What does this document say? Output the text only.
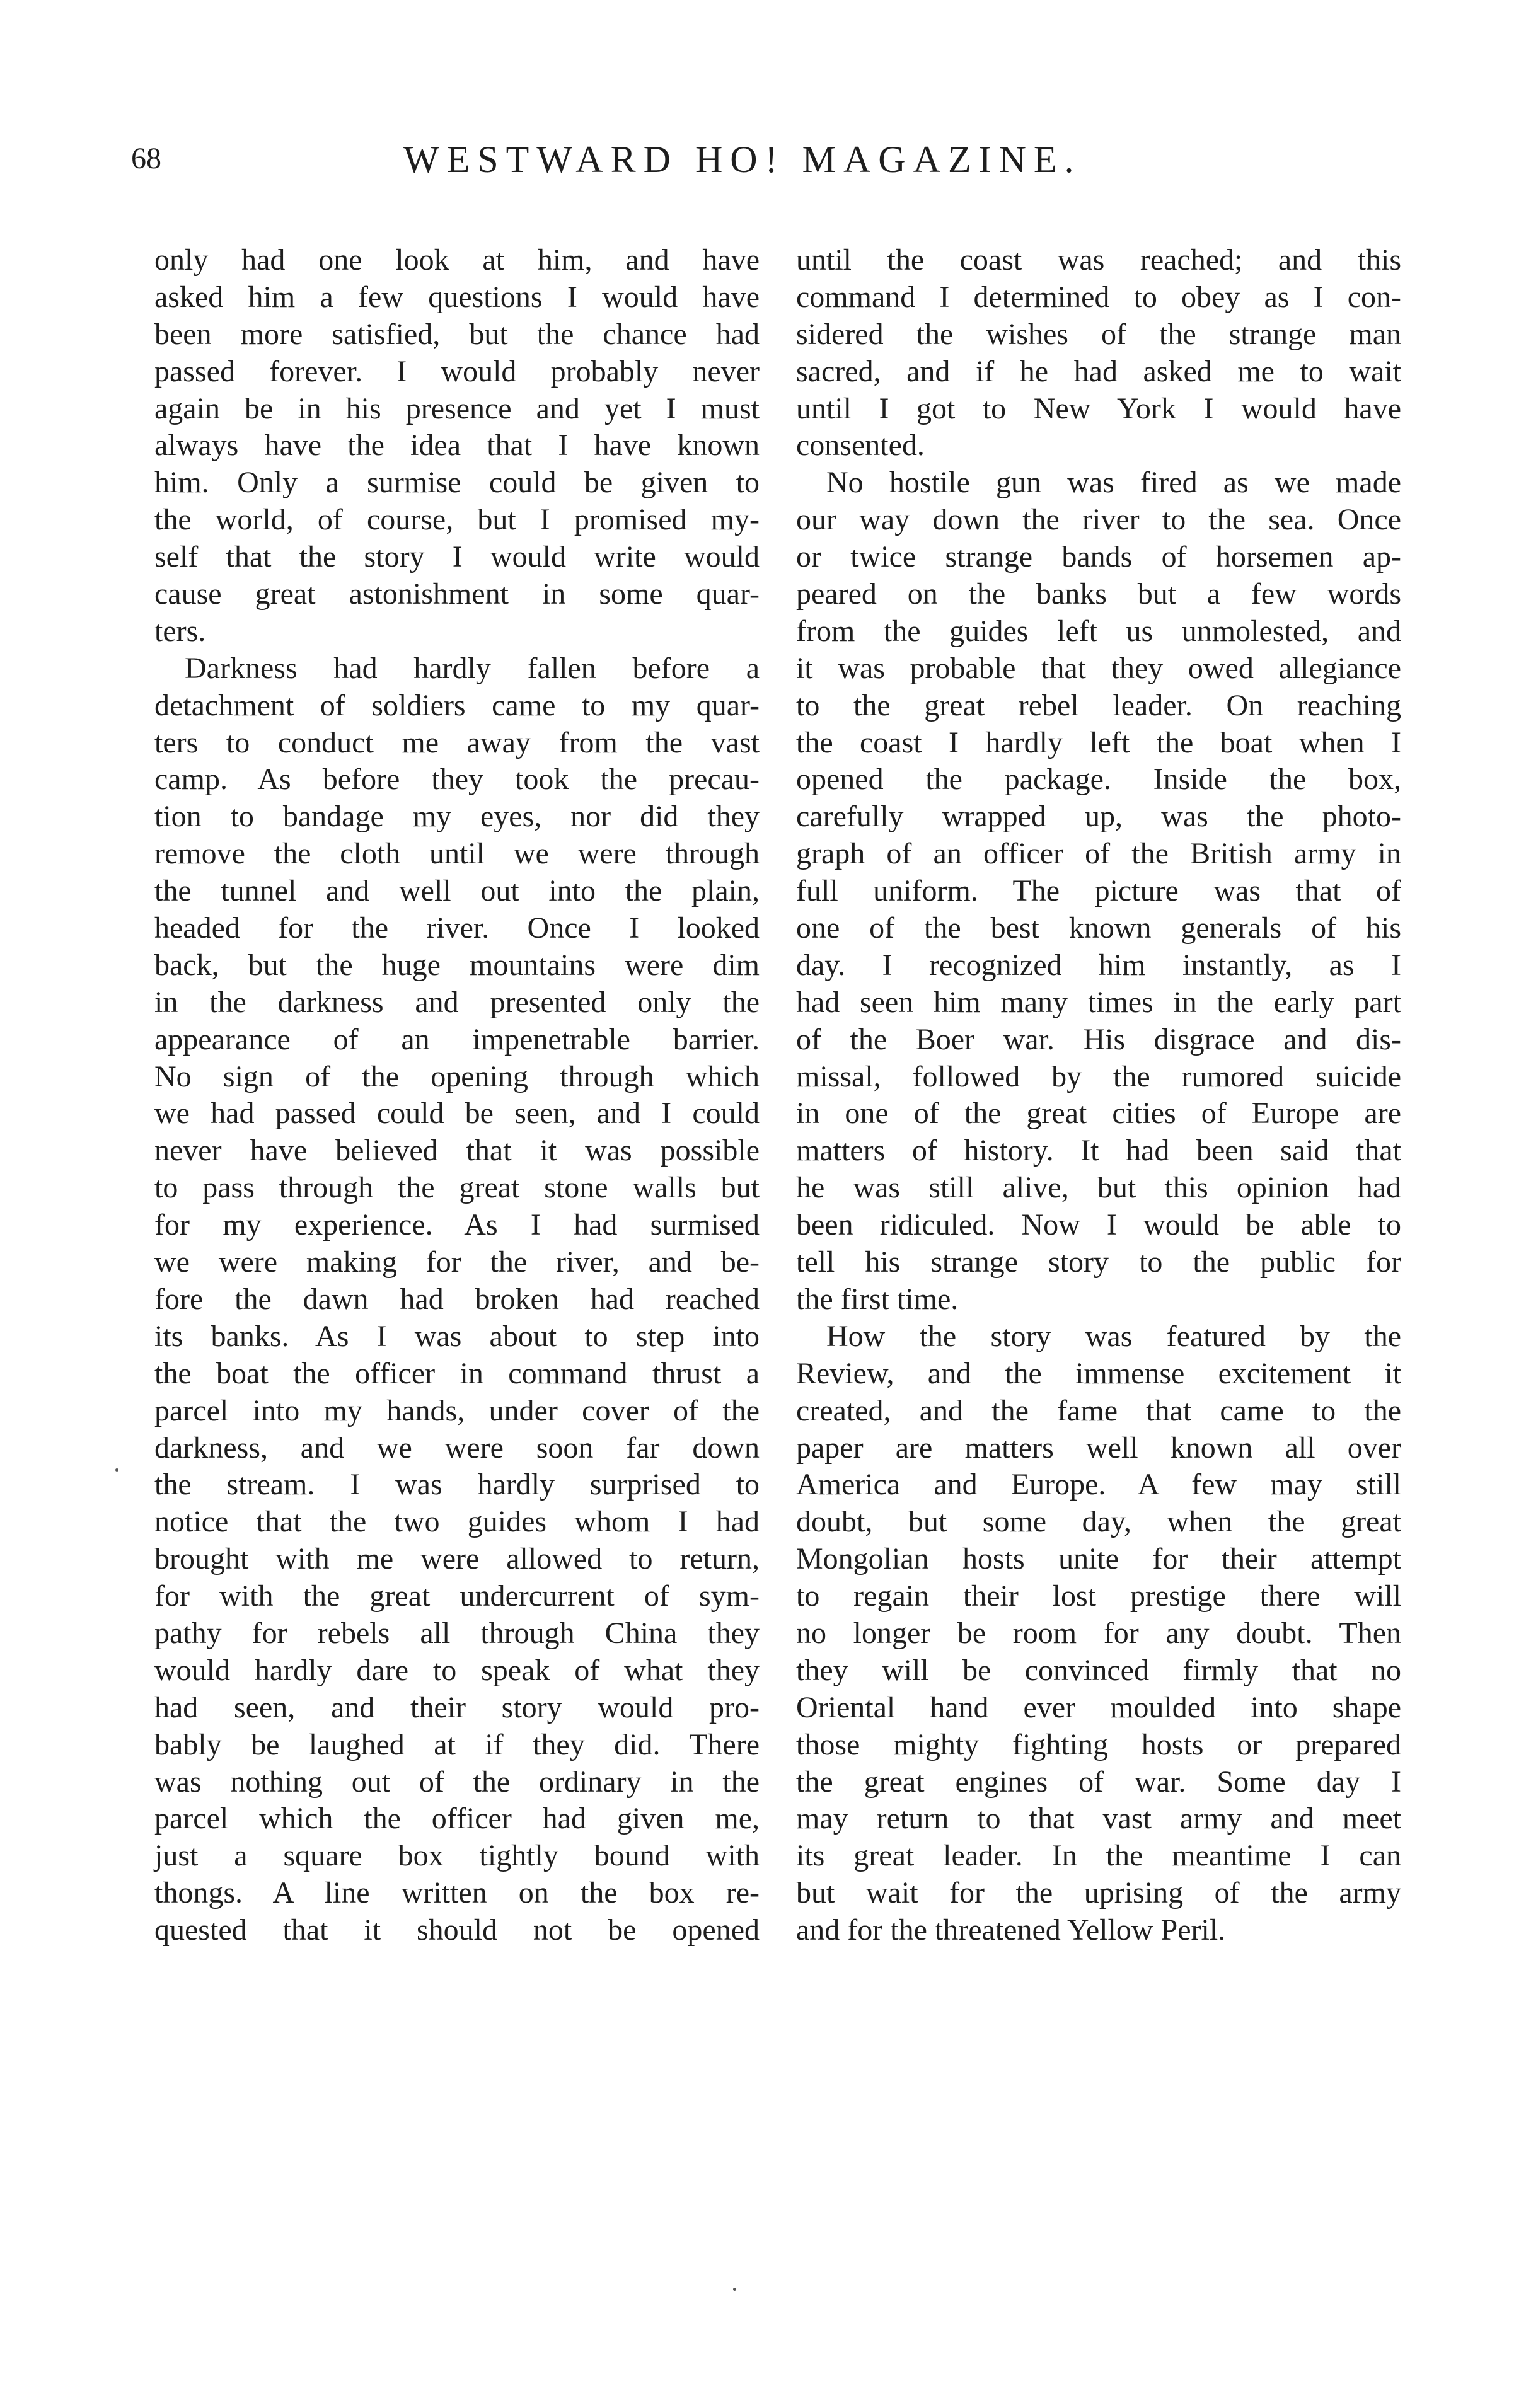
68	WESTWARD HO! MAGAZINE.
only had one look at him, and have
asked him a few questions I would have
been more satisfied, but the chance had
passed forever. I would probably never
again be in his presence and yet I must
always have the idea that I have known
him. Only a surmise could be given to
the world, of course, but I promised my-
self that the story I would write would
cause great astonishment in some quar-
ters.
Darkness had hardly fallen before a
detachment of soldiers came to my quar-
ters to conduct me away from the vast
camp. As before they took the precau-
tion to bandage my eyes, nor did they
remove the cloth until we were through
the tunnel and well out into the plain,
headed for the river. Once I looked
back, but the huge mountains were dim
in the darkness and presented only the
appearance of an impenetrable barrier.
No sign of the opening through which
we had passed could be seen, and I could
never have believed that it was possible
to pass through the great stone walls but
for my experience. As I had surmised
we were making for the river, and be-
fore the dawn had broken had reached
its banks. As I was about to step into
the boat the officer in command thrust a
parcel into my hands, under cover of the
darkness, and we were soon far down
the stream. I was hardly surprised to
notice that the two guides whom I had
brought with me were allowed to return,
for with the great undercurrent of sym-
pathy for rebels all through China they
would hardly dare to speak of what they
had seen, and their story would pro-
bably be laughed at if they did. There
was nothing out of the ordinary in the
parcel which the officer had given me,
just a square box tightly bound with
thongs. A line written on the box re-
quested that it should not be opened
until the coast was reached; and this
command I determined to obey as I con-
sidered the wishes of the strange man
sacred, and if he had asked me to wait
until I got to New York I would have
consented.
No hostile gun was fired as we made
our way down the river to the sea. Once
or twice strange bands of horsemen ap-
peared on the banks but a few words
from the guides left us unmolested, and
it was probable that they owed allegiance
to the great rebel leader. On reaching
the coast I hardly left the boat when I
opened the package. Inside the box,
carefully wrapped up, was the photo-
graph of an officer of the British army in
full uniform. The picture was that of
one of the best known generals of his
day. I recognized him instantly, as I
had seen him many times in the early part
of the Boer war. His disgrace and dis-
missal, followed by the rumored suicide
in one of the great cities of Europe are
matters of history. It had been said that
he was still alive, but this opinion had
been ridiculed. Now I would be able to
tell his strange story to the public for
the first time.
How the story was featured by the
Review, and the immense excitement it
created, and the fame that came to the
paper are matters well known all over
America and Europe. A few may still
doubt, but some day, when the great
Mongolian hosts unite for their attempt
to regain their lost prestige there will
no longer be room for any doubt. Then
they will be convinced firmly that no
Oriental hand ever moulded into shape
those mighty fighting hosts or prepared
the great engines of war. Some day I
may return to that vast army and meet
its great leader. In the meantime I can
but wait for the uprising of the army
and for the threatened Yellow Peril.
